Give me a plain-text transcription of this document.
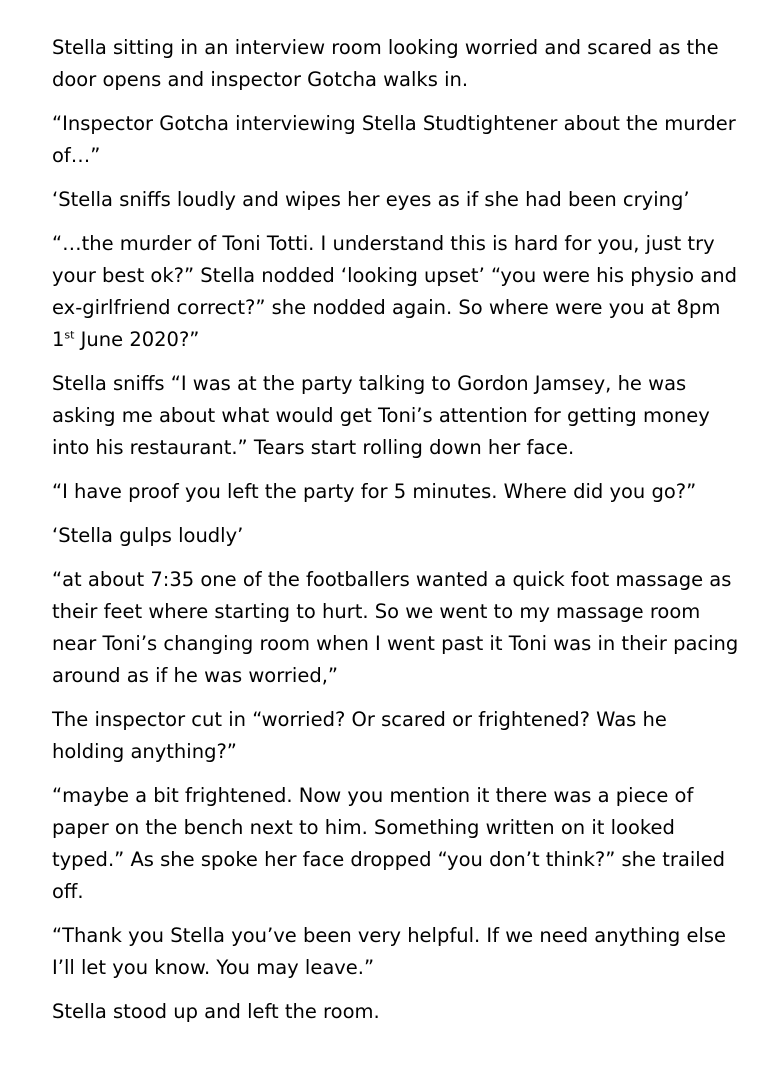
Stella sitting in an interview room looking worried and scared as the door opens and inspector Gotcha walks in.

“Inspector Gotcha interviewing Stella Studtightener about the murder of…”

‘Stella sniffs loudly and wipes her eyes as if she had been crying’

“…the murder of Toni Totti. I understand this is hard for you, just try your best ok?” Stella nodded ‘looking upset’ “you were his physio and ex-girlfriend correct?” she nodded again. So where were you at 8pm 1st June 2020?”

Stella sniffs “I was at the party talking to Gordon Jamsey, he was asking me about what would get Toni’s attention for getting money into his restaurant.” Tears start rolling down her face.

“I have proof you left the party for 5 minutes. Where did you go?”

‘Stella gulps loudly’

“at about 7:35 one of the footballers wanted a quick foot massage as their feet where starting to hurt. So we went to my massage room near Toni’s changing room when I went past it Toni was in their pacing around as if he was worried,”

The inspector cut in “worried? Or scared or frightened? Was he holding anything?”

“maybe a bit frightened. Now you mention it there was a piece of paper on the bench next to him. Something written on it looked typed.” As she spoke her face dropped “you don’t think?” she trailed off.

“Thank you Stella you’ve been very helpful. If we need anything else I’ll let you know. You may leave.”

Stella stood up and left the room.
